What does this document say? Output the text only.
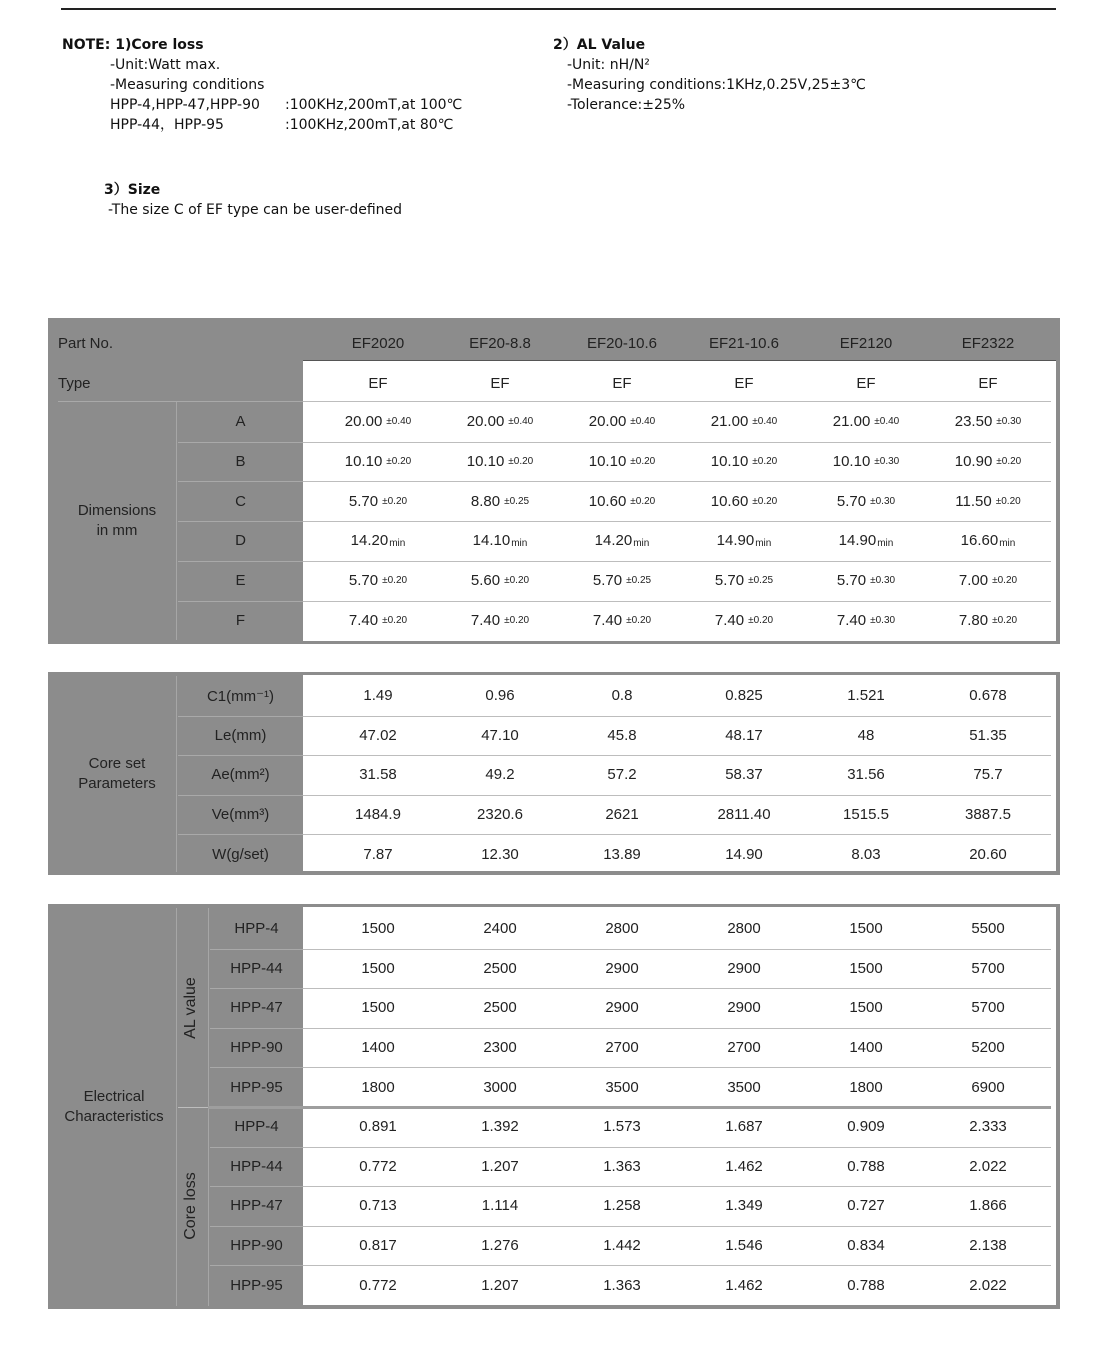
NOTE: 1)Core loss
-Unit:Watt max.
-Measuring conditions
HPP-4,HPP-47,HPP-90	:100KHz,200mT,at 100℃
HPP-44，HPP-95	:100KHz,200mT,at 80℃
2）AL Value
-Unit: nH/N²
-Measuring conditions:1KHz,0.25V,25±3℃
-Tolerance:±25%
3）Size
-The size C of EF type can be user-defined
Part No.	EF2020	EF20-8.8	EF20-10.6	EF21-10.6	EF2120	EF2322
Type	EF	EF	EF	EF	EF	EF
Dimensions
in mm
A	20.00 ±0.40	20.00 ±0.40	20.00 ±0.40	21.00 ±0.40	21.00 ±0.40	23.50 ±0.30
B	10.10 ±0.20	10.10 ±0.20	10.10 ±0.20	10.10 ±0.20	10.10 ±0.30	10.90 ±0.20
C	5.70 ±0.20	8.80 ±0.25	10.60 ±0.20	10.60 ±0.20	5.70 ±0.30	11.50 ±0.20
D	14.20 min	14.10 min	14.20 min	14.90 min	14.90 min	16.60 min
E	5.70 ±0.20	5.60 ±0.20	5.70 ±0.25	5.70 ±0.25	5.70 ±0.30	7.00 ±0.20
F	7.40 ±0.20	7.40 ±0.20	7.40 ±0.20	7.40 ±0.20	7.40 ±0.30	7.80 ±0.20
Core set
Parameters
C1(mm⁻¹)	1.49	0.96	0.8	0.825	1.521	0.678
Le(mm)	47.02	47.10	45.8	48.17	48	51.35
Ae(mm²)	31.58	49.2	57.2	58.37	31.56	75.7
Ve(mm³)	1484.9	2320.6	2621	2811.40	1515.5	3887.5
W(g/set)	7.87	12.30	13.89	14.90	8.03	20.60
Electrical
Characteristics
AL value
Core loss
HPP-4	1500	2400	2800	2800	1500	5500
HPP-44	1500	2500	2900	2900	1500	5700
HPP-47	1500	2500	2900	2900	1500	5700
HPP-90	1400	2300	2700	2700	1400	5200
HPP-95	1800	3000	3500	3500	1800	6900
HPP-4	0.891	1.392	1.573	1.687	0.909	2.333
HPP-44	0.772	1.207	1.363	1.462	0.788	2.022
HPP-47	0.713	1.114	1.258	1.349	0.727	1.866
HPP-90	0.817	1.276	1.442	1.546	0.834	2.138
HPP-95	0.772	1.207	1.363	1.462	0.788	2.022
